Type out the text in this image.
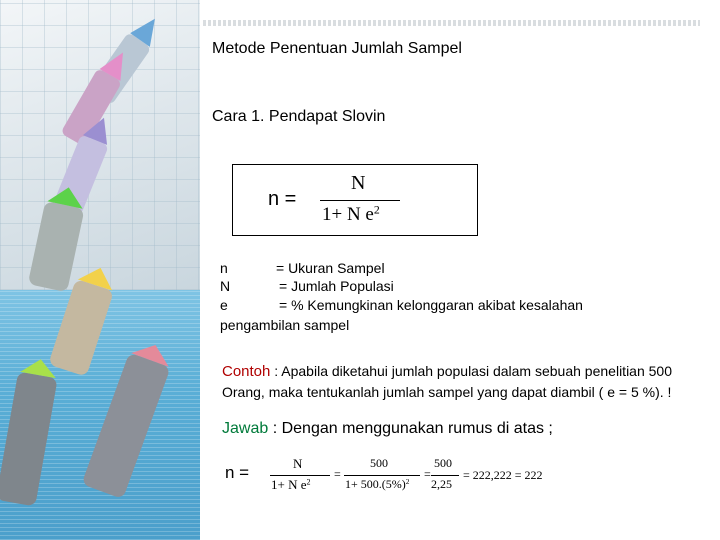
Metode Penentuan Jumlah Sampel
Cara 1. Pendapat Slovin
n =
N
1+ N $e^2$
n	= Ukuran Sampel
N	= Jumlah Populasi
e	= % Kemungkinan kelonggaran akibat kesalahan
pengambilan sampel
Contoh : Apabila diketahui jumlah populasi dalam sebuah penelitian 500 Orang, maka tentukanlah jumlah sampel yang dapat diambil ( e = 5 %). !
Jawab : Dengan menggunakan rumus di atas ;
n =	N
1+ N $e^2$
=
500
$1+ 500.(5\%)^2$
=
500
2,25
= 222,222 = 222
